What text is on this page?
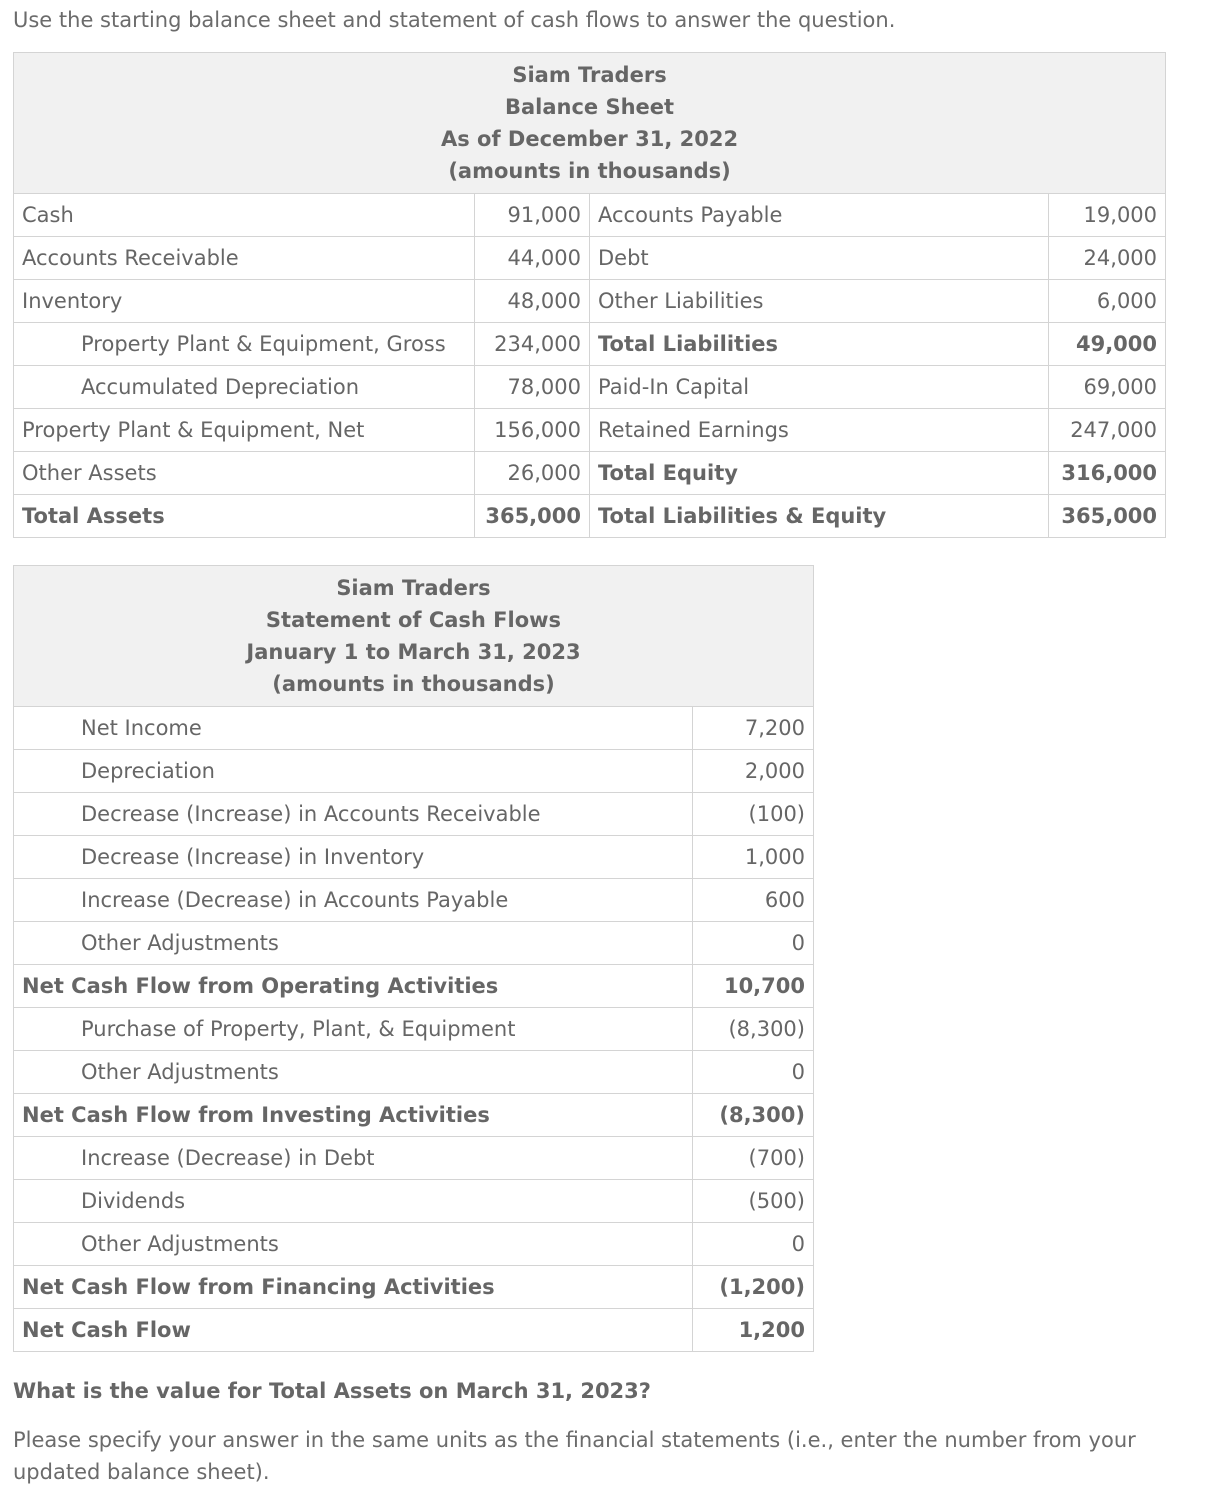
Use the starting balance sheet and statement of cash flows to answer the question.
Siam Traders
Balance Sheet
As of December 31, 2022
(amounts in thousands)			

Cash	91,000	Accounts Payable	19,000
Accounts Receivable	44,000	Debt	24,000
Inventory	48,000	Other Liabilities	6,000
Property Plant & Equipment, Gross	234,000	Total Liabilities	49,000
Accumulated Depreciation	78,000	Paid-In Capital	69,000
Property Plant & Equipment, Net	156,000	Retained Earnings	247,000
Other Assets	26,000	Total Equity	316,000
Total Assets	365,000	Total Liabilities & Equity	365,000
Siam Traders
Statement of Cash Flows
January 1 to March 31, 2023
(amounts in thousands)	

Net Income	7,200
Depreciation	2,000
Decrease (Increase) in Accounts Receivable	(100)
Decrease (Increase) in Inventory	1,000
Increase (Decrease) in Accounts Payable	600
Other Adjustments	0
Net Cash Flow from Operating Activities	10,700
Purchase of Property, Plant, & Equipment	(8,300)
Other Adjustments	0
Net Cash Flow from Investing Activities	(8,300)
Increase (Decrease) in Debt	(700)
Dividends	(500)
Other Adjustments	0
Net Cash Flow from Financing Activities	(1,200)
Net Cash Flow	1,200
What is the value for Total Assets on March 31, 2023?
Please specify your answer in the same units as the financial statements (i.e., enter the number from your updated balance sheet).
